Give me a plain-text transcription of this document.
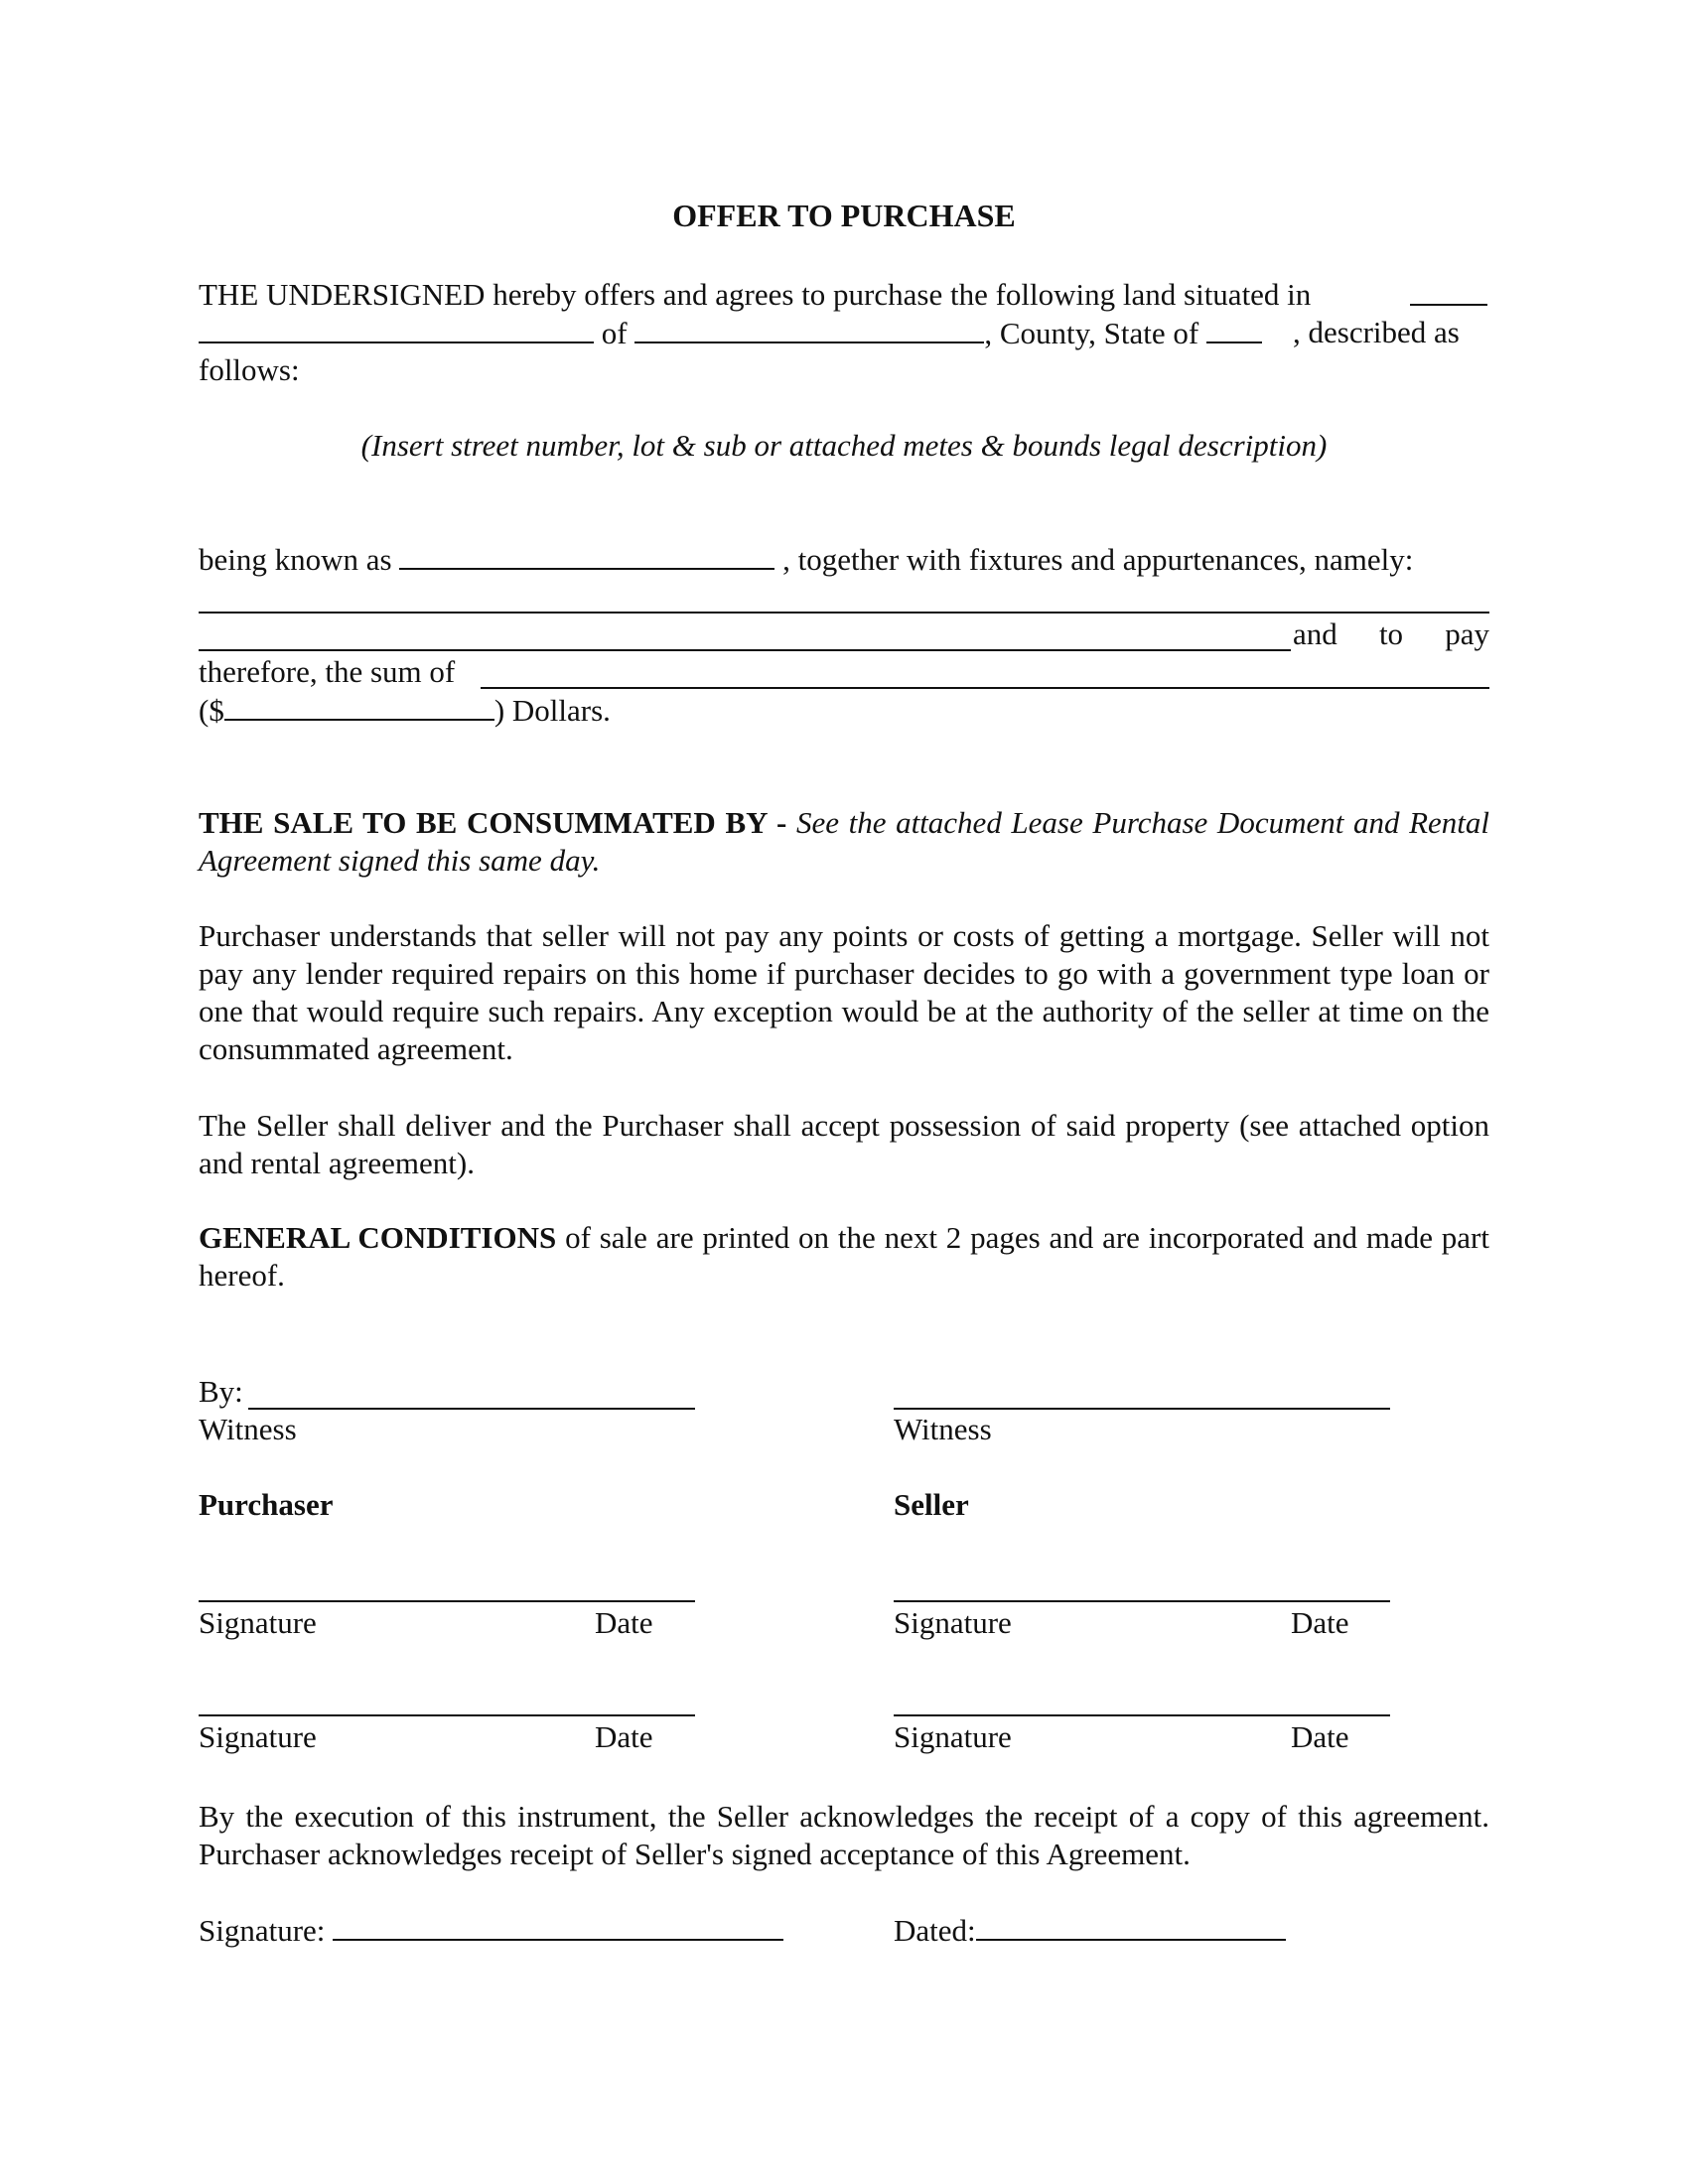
OFFER TO PURCHASE
THE UNDERSIGNED hereby offers and agrees to purchase the following land situated in
of	, County, State of	, described as
follows:
(Insert street number, lot & sub or attached metes & bounds legal description)
being known as	, together with fixtures and appurtenances, namely:
and to pay
therefore, the sum of
($	) Dollars.
THE SALE TO BE CONSUMMATED BY - See the attached Lease Purchase Document and Rental Agreement signed this same day.
Purchaser understands that seller will not pay any points or costs of getting a mortgage. Seller will not pay any lender required repairs on this home if purchaser decides to go with a government type loan or one that would require such repairs. Any exception would be at the authority of the seller at time on the consummated agreement.
The Seller shall deliver and the Purchaser shall accept possession of said property (see attached option and rental agreement).
GENERAL CONDITIONS of sale are printed on the next 2 pages and are incorporated and made part hereof.
By:
Witness	Witness
Purchaser	Seller
Signature	Date	Signature	Date
Signature	Date	Signature	Date
By the execution of this instrument, the Seller acknowledges the receipt of a copy of this agreement. Purchaser acknowledges receipt of Seller's signed acceptance of this Agreement.
Signature:	Dated:
